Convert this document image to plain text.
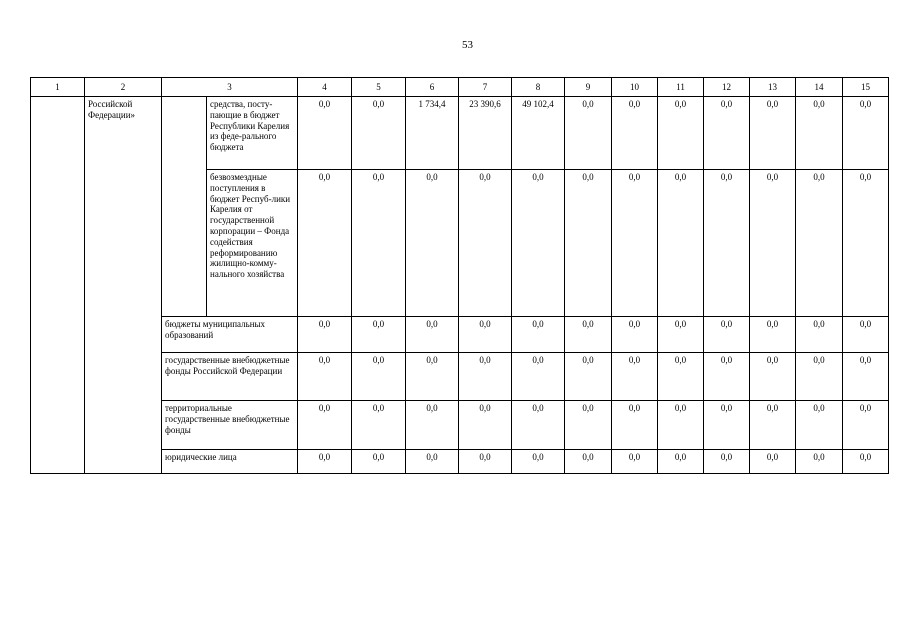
53
1	2	3		4	5	6	7	8	9	10	11	12	13	14	15
	Российской Федерации»		средства, посту-пающие в бюджет Республики Карелия из феде-рального бюджета	0,0	0,0	1 734,4	23 390,6	49 102,4	0,0	0,0	0,0	0,0	0,0	0,0	0,0
			безвозмездные поступления в бюджет Респуб-лики Карелия от государственной корпорации – Фонда содействия реформированию жилищно-комму-нального хозяйства	0,0	0,0	0,0	0,0	0,0	0,0	0,0	0,0	0,0	0,0	0,0	0,0
		бюджеты муниципальных образований		0,0	0,0	0,0	0,0	0,0	0,0	0,0	0,0	0,0	0,0	0,0	0,0
		государственные внебюджетные фонды Российской Федерации		0,0	0,0	0,0	0,0	0,0	0,0	0,0	0,0	0,0	0,0	0,0	0,0
		территориальные государственные внебюджетные фонды		0,0	0,0	0,0	0,0	0,0	0,0	0,0	0,0	0,0	0,0	0,0	0,0
		юридические лица		0,0	0,0	0,0	0,0	0,0	0,0	0,0	0,0	0,0	0,0	0,0	0,0
